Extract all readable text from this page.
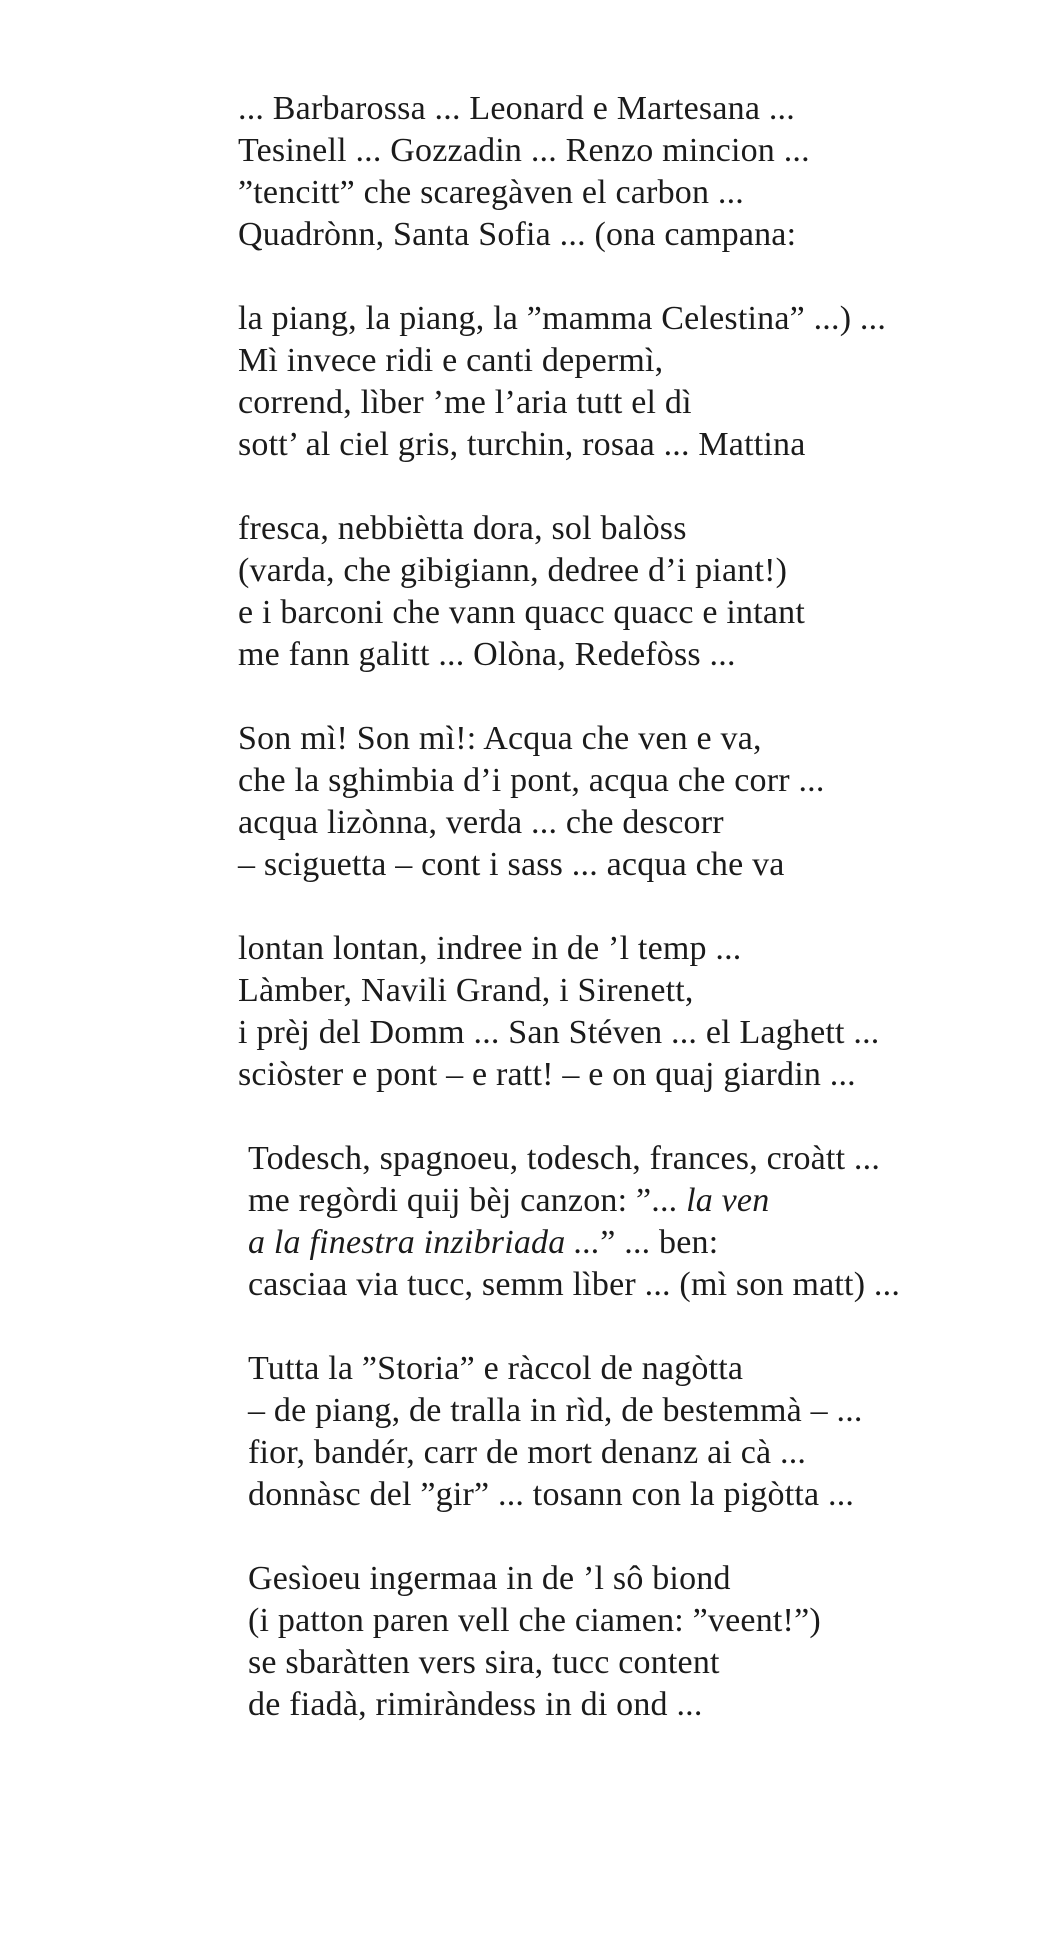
... Barbarossa ... Leonard e Martesana ...
Tesinell ... Gozzadin ... Renzo mincion ...
”tencitt” che scaregàven el carbon ...
Quadrònn, Santa Sofia ... (ona campana:
la piang, la piang, la ”mamma Celestina” ...) ...
Mì invece ridi e canti depermì,
corrend, lìber ’me l’aria tutt el dì
sott’ al ciel gris, turchin, rosaa ... Mattina
fresca, nebbiètta dora, sol balòss
(varda, che gibigiann, dedree d’i piant!)
e i barconi che vann quacc quacc e intant
me fann galitt ... Olòna, Redefòss ...
Son mì! Son mì!: Acqua che ven e va,
che la sghimbia d’i pont, acqua che corr ...
acqua lizònna, verda ... che descorr
– sciguetta – cont i sass ... acqua che va
lontan lontan, indree in de ’l temp ...
Làmber, Navili Grand, i Sirenett,
i prèj del Domm ... San Stéven ... el Laghett ...
sciòster e pont – e ratt! – e on quaj giardin ...
Todesch, spagnoeu, todesch, frances, croàtt ...
me regòrdi quij bèj canzon: ”... la ven
a la finestra inzibriada ...” ... ben:
casciaa via tucc, semm lìber ... (mì son matt) ...
Tutta la ”Storia” e ràccol de nagòtta
– de piang, de tralla in rìd, de bestemmà – ...
fior, bandér, carr de mort denanz ai cà ...
donnàsc del ”gir” ... tosann con la pigòtta ...
Gesìoeu ingermaa in de ’l sô biond
(i patton paren vell che ciamen: ”veent!”)
se sbaràtten vers sira, tucc content
de fiadà, rimiràndess in di ond ...
